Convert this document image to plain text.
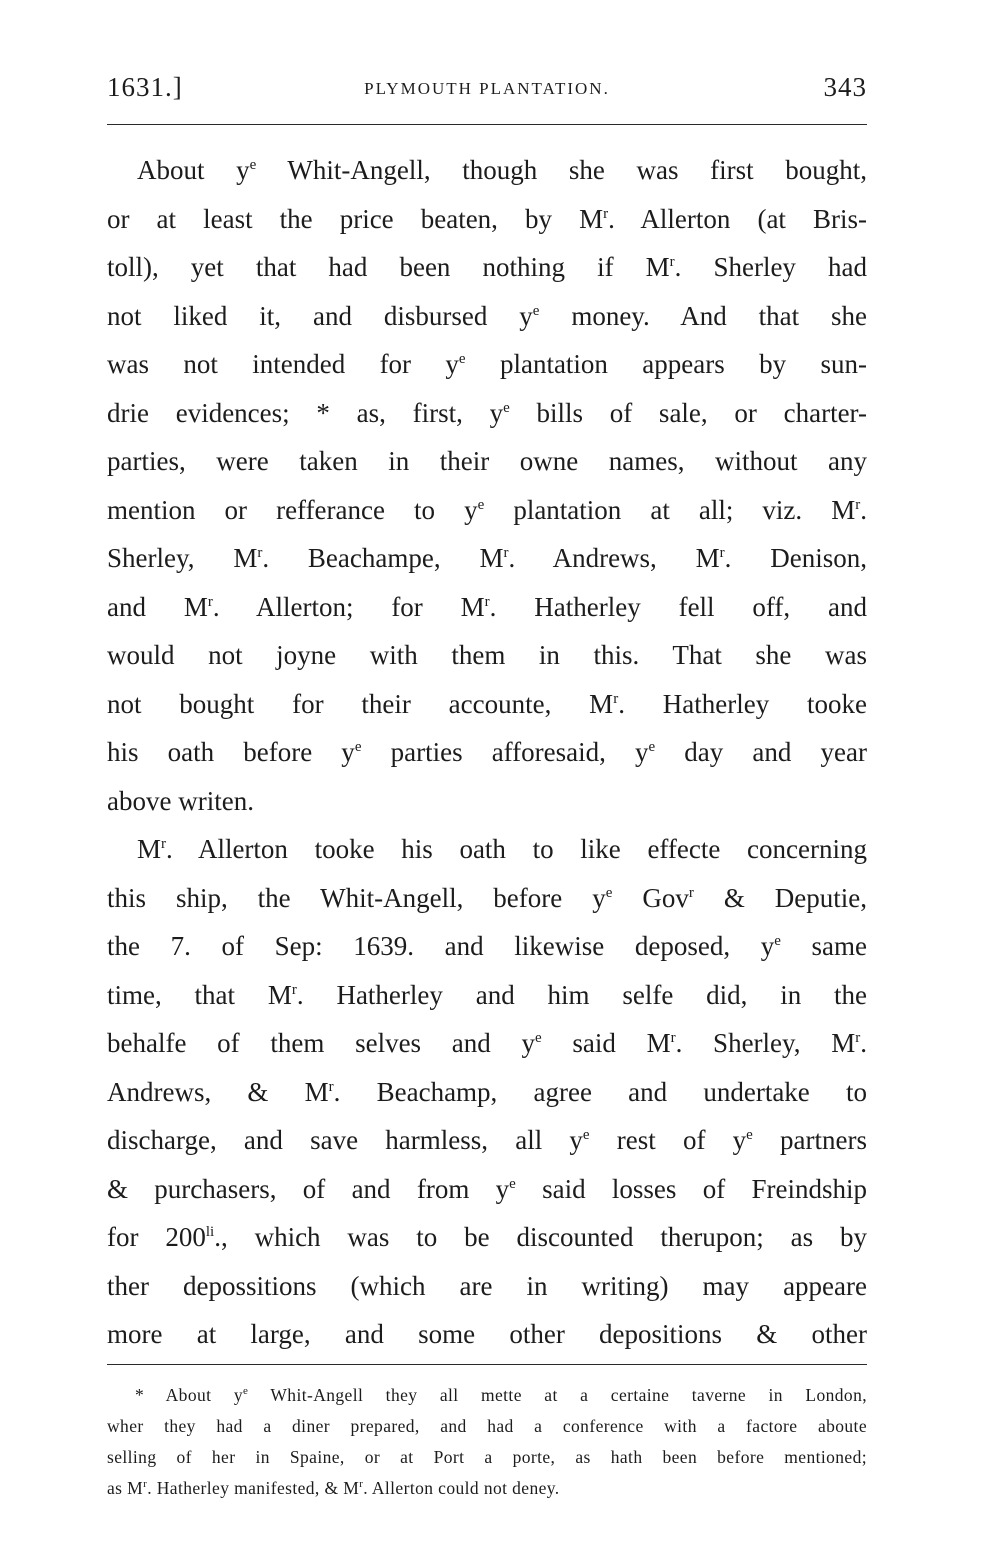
1631.]	PLYMOUTH PLANTATION.	343
About $y^e$ Whit-Angell, though she was first bought,
or at least the price beaten, by $M^r$. Allerton (at Bris-
toll), yet that had been nothing if $M^r$. Sherley had
not liked it, and disbursed $y^e$ money. And that she
was not intended for $y^e$ plantation appears by sun-
drie evidences; * as, first, $y^e$ bills of sale, or charter-
parties, were taken in their owne names, without any
mention or refferance to $y^e$ plantation at all; viz. $M^r$.
Sherley, $M^r$. Beachampe, $M^r$. Andrews, $M^r$. Denison,
and $M^r$. Allerton; for $M^r$. Hatherley fell off, and
would not joyne with them in this. That she was
not bought for their accounte, $M^r$. Hatherley tooke
his oath before $y^e$ parties afforesaid, $y^e$ day and year
above writen.
$M^r$. Allerton tooke his oath to like effecte concerning
this ship, the Whit-Angell, before $y^e$ Gov$^r$ & Deputie,
the 7. of Sep: 1639. and likewise deposed, $y^e$ same
time, that $M^r$. Hatherley and him selfe did, in the
behalfe of them selves and $y^e$ said $M^r$. Sherley, $M^r$.
Andrews, & $M^r$. Beachamp, agree and undertake to
discharge, and save harmless, all $y^e$ rest of $y^e$ partners
& purchasers, of and from $y^e$ said losses of Freindship
for $200^{li}$., which was to be discounted therupon; as by
ther depossitions (which are in writing) may appeare
more at large, and some other depositions & other
* About $y^e$ Whit-Angell they all mette at a certaine taverne in London,
wher they had a diner prepared, and had a conference with a factore aboute
selling of her in Spaine, or at Port a porte, as hath been before mentioned;
as $M^r$. Hatherley manifested, & $M^r$. Allerton could not deney.
